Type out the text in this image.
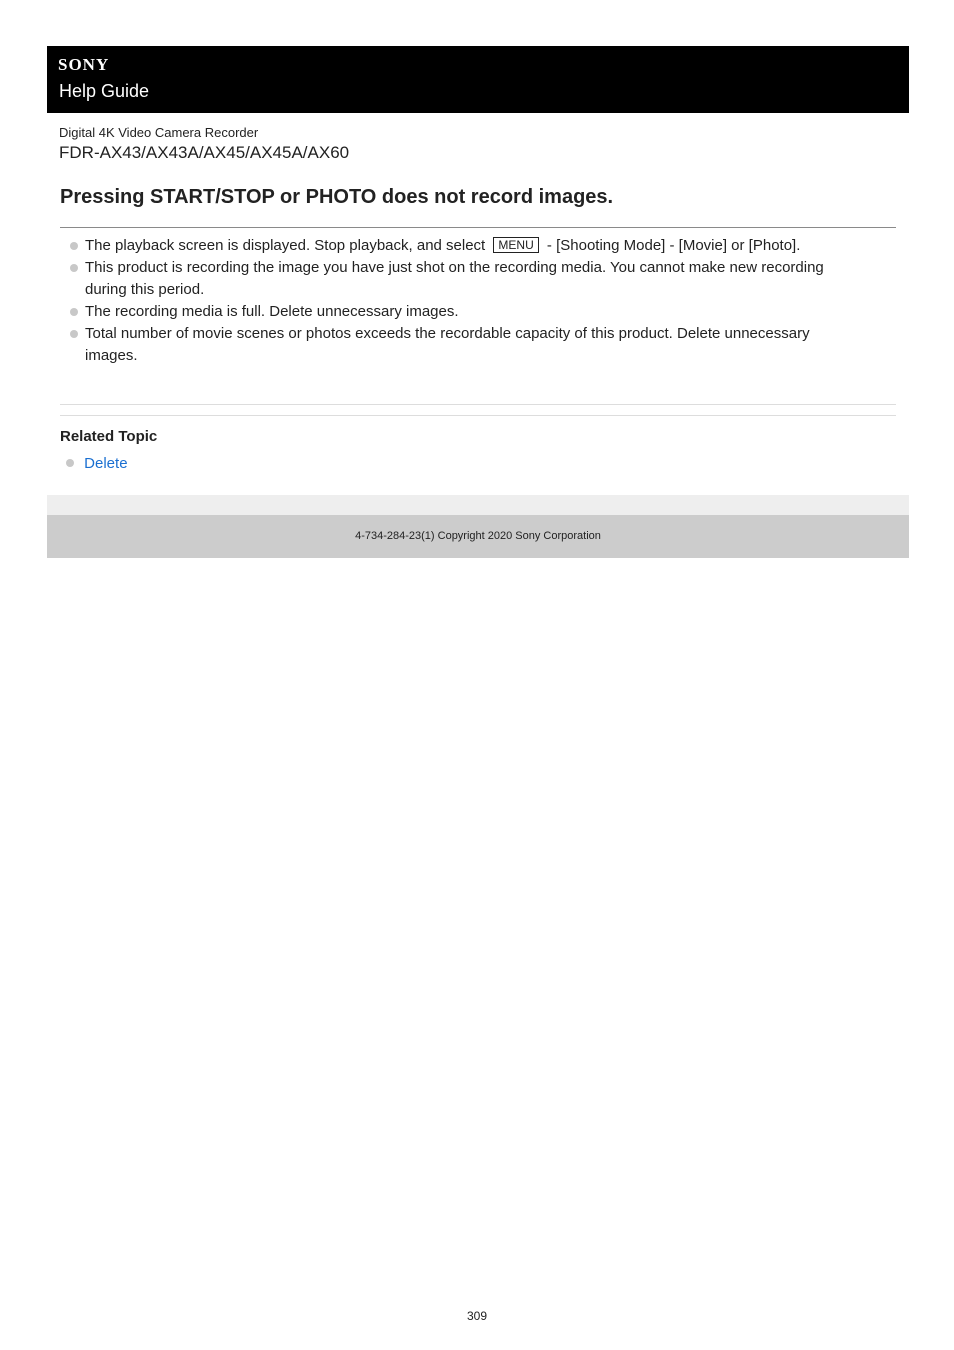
SONY
Help Guide
Digital 4K Video Camera Recorder
FDR-AX43/AX43A/AX45/AX45A/AX60
Pressing START/STOP or PHOTO does not record images.
The playback screen is displayed. Stop playback, and select MENU - [Shooting Mode] - [Movie] or [Photo].
This product is recording the image you have just shot on the recording media. You cannot make new recording during this period.
The recording media is full. Delete unnecessary images.
Total number of movie scenes or photos exceeds the recordable capacity of this product. Delete unnecessary images.
Related Topic
Delete
4-734-284-23(1) Copyright 2020 Sony Corporation
309
